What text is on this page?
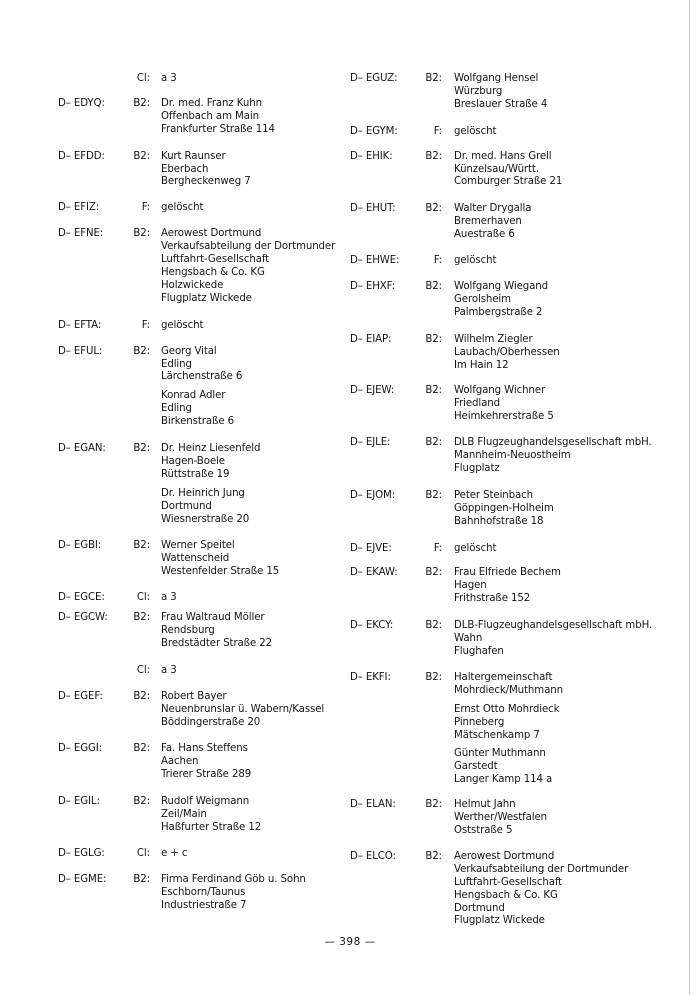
Cl: a 3
D– EDYQ:	B2: Dr. med. Franz Kuhn
Offenbach am Main
Frankfurter Straße 114
D– EFDD:	B2: Kurt Raunser
Eberbach
Bergheckenweg 7
D– EFIZ:	F: gelöscht
D– EFNE:	B2: Aerowest Dortmund
Verkaufsabteilung der Dortmunder
Luftfahrt-Gesellschaft
Hengsbach & Co. KG
Holzwickede
Flugplatz Wickede
D– EFTA:	F: gelöscht
D– EFUL:	B2: Georg Vital
Edling
Lärchenstraße 6
Konrad Adler
Edling
Birkenstraße 6
D– EGAN:	B2: Dr. Heinz Liesenfeld
Hagen-Boele
Rüttstraße 19
Dr. Heinrich Jung
Dortmund
Wiesnerstraße 20
D– EGBI:	B2: Werner Speitel
Wattenscheid
Westenfelder Straße 15
D– EGCE:	Cl: a 3
D– EGCW:	B2: Frau Waltraud Möller
Rendsburg
Bredstädter Straße 22
Cl: a 3
D– EGEF:	B2: Robert Bayer
Neuenbrunslar ü. Wabern/Kassel
Böddingerstraße 20
D– EGGI:	B2: Fa. Hans Steffens
Aachen
Trierer Straße 289
D– EGIL:	B2: Rudolf Weigmann
Zeil/Main
Haßfurter Straße 12
D– EGLG:	Cl: e + c
D– EGME:	B2: Firma Ferdinand Göb u. Sohn
Eschborn/Taunus
Industriestraße 7
D– EGUZ:	B2: Wolfgang Hensel
Würzburg
Breslauer Straße 4
D– EGYM:	F: gelöscht
D– EHIK:	B2: Dr. med. Hans Grell
Künzelsau/Württ.
Comburger Straße 21
D– EHUT:	B2: Walter Drygalla
Bremerhaven
Auestraße 6
D– EHWE:	F: gelöscht
D– EHXF:	B2: Wolfgang Wiegand
Gerolsheim
Palmbergstraße 2
D– EIAP:	B2: Wilhelm Ziegler
Laubach/Oberhessen
Im Hain 12
D– EJEW:	B2: Wolfgang Wichner
Friedland
Heimkehrerstraße 5
D– EJLE:	B2: DLB Flugzeughandelsgesellschaft mbH.
Mannheim-Neuostheim
Flugplatz
D– EJOM:	B2: Peter Steinbach
Göppingen-Holheim
Bahnhofstraße 18
D– EJVE:	F: gelöscht
D– EKAW:	B2: Frau Elfriede Bechem
Hagen
Frithstraße 152
D– EKCY:	B2: DLB-Flugzeughandelsgesellschaft mbH.
Wahn
Flughafen
D– EKFI:	B2: Haltergemeinschaft
Mohrdieck/Muthmann
Ernst Otto Mohrdieck
Pinneberg
Mätschenkamp 7
Günter Muthmann
Garstedt
Langer Kamp 114 a
D– ELAN:	B2: Helmut Jahn
Werther/Westfalen
Oststraße 5
D– ELCO:	B2: Aerowest Dortmund
Verkaufsabteilung der Dortmunder
Luftfahrt-Gesellschaft
Hengsbach & Co. KG
Dortmund
Flugplatz Wickede
— 398 —
